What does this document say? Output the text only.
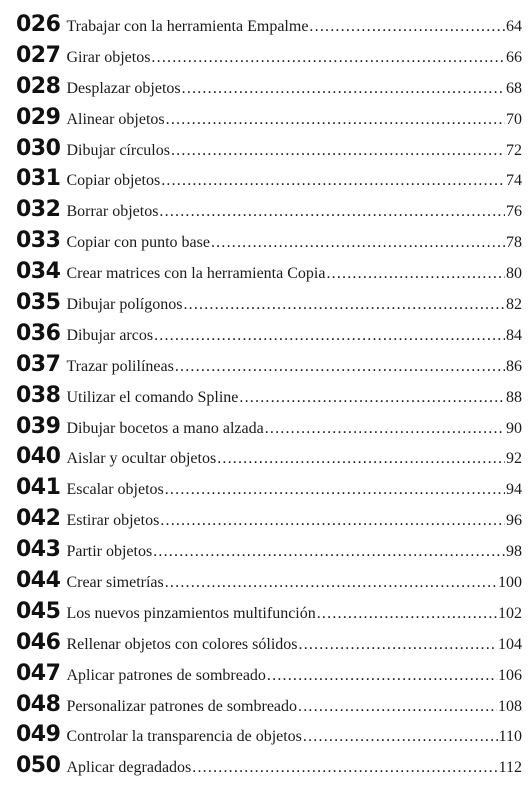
026 Trabajar con la herramienta Empalme .....	64
027 Girar objetos .....	66
028 Desplazar objetos .....	68
029 Alinear objetos .....	70
030 Dibujar círculos .....	72
031 Copiar objetos .....	74
032 Borrar objetos .....	76
033 Copiar con punto base .....	78
034 Crear matrices con la herramienta Copia .....	80
035 Dibujar polígonos .....	82
036 Dibujar arcos .....	84
037 Trazar polilíneas .....	86
038 Utilizar el comando Spline .....	88
039 Dibujar bocetos a mano alzada .....	90
040 Aislar y ocultar objetos .....	92
041 Escalar objetos .....	94
042 Estirar objetos .....	96
043 Partir objetos .....	98
044 Crear simetrías .....	100
045 Los nuevos pinzamientos multifunción .....	102
046 Rellenar objetos con colores sólidos .....	104
047 Aplicar patrones de sombreado .....	106
048 Personalizar patrones de sombreado .....	108
049 Controlar la transparencia de objetos .....	110
050 Aplicar degradados .....	112
